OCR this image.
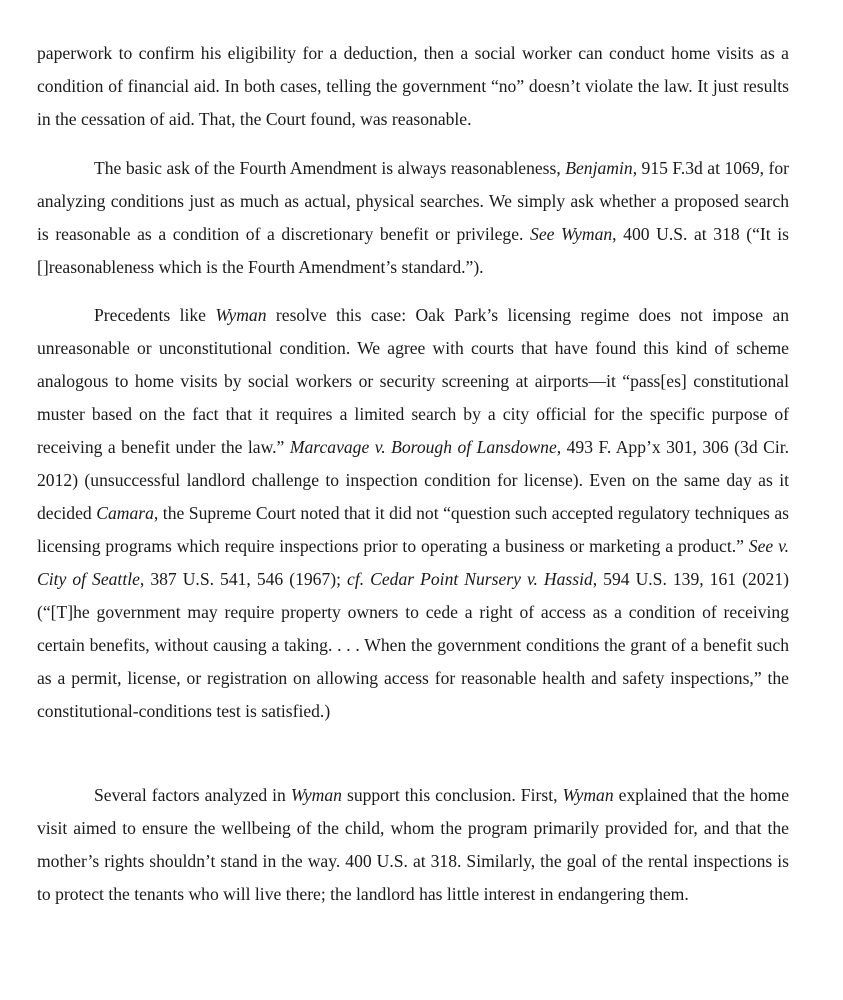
paperwork to confirm his eligibility for a deduction, then a social worker can conduct home visits as a condition of financial aid. In both cases, telling the government “no” doesn’t violate the law. It just results in the cessation of aid. That, the Court found, was reasonable.

The basic ask of the Fourth Amendment is always reasonableness, Benjamin, 915 F.3d at 1069, for analyzing conditions just as much as actual, physical searches. We simply ask whether a proposed search is reasonable as a condition of a discretionary benefit or privilege. See Wyman, 400 U.S. at 318 (“It is []reasonableness which is the Fourth Amendment’s standard.”).

Precedents like Wyman resolve this case: Oak Park’s licensing regime does not impose an unreasonable or unconstitutional condition. We agree with courts that have found this kind of scheme analogous to home visits by social workers or security screening at airports—it “pass[es] constitutional muster based on the fact that it requires a limited search by a city official for the specific purpose of receiving a benefit under the law.” Marcavage v. Borough of Lansdowne, 493 F. App’x 301, 306 (3d Cir. 2012) (unsuccessful landlord challenge to inspection condition for license). Even on the same day as it decided Camara, the Supreme Court noted that it did not “question such accepted regulatory techniques as licensing programs which require inspections prior to operating a business or marketing a product.” See v. City of Seattle, 387 U.S. 541, 546 (1967); cf. Cedar Point Nursery v. Hassid, 594 U.S. 139, 161 (2021) (“[T]he government may require property owners to cede a right of access as a condition of receiving certain benefits, without causing a taking. . . . When the government conditions the grant of a benefit such as a permit, license, or registration on allowing access for reasonable health and safety inspections,” the constitutional-conditions test is satisfied.)

Several factors analyzed in Wyman support this conclusion. First, Wyman explained that the home visit aimed to ensure the wellbeing of the child, whom the program primarily provided for, and that the mother’s rights shouldn’t stand in the way. 400 U.S. at 318. Similarly, the goal of the rental inspections is to protect the tenants who will live there; the landlord has little interest in endangering them.
